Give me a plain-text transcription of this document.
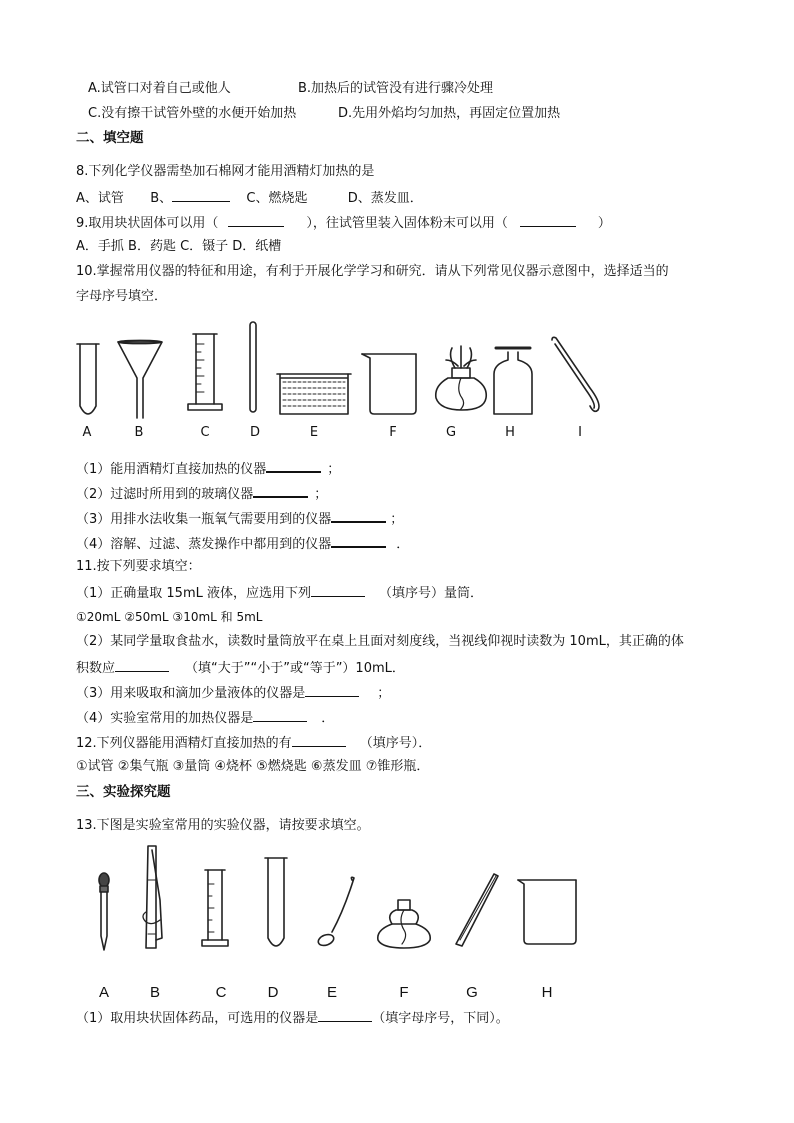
A.试管口对着自己或他人	B.加热后的试管没有进行骤冷处理
C.没有擦干试管外壁的水便开始加热	D.先用外焰均匀加热，再固定位置加热
二、填空题
8.下列化学仪器需垫加石棉网才能用酒精灯加热的是
A、试管 B、	C、燃烧匙	D、蒸发皿．
9.取用块状固体可以用（	），往试管里装入固体粉末可以用（	）
A．手抓 B．药匙 C．镊子 D．纸槽
10.掌握常用仪器的特征和用途，有利于开展化学学习和研究．请从下列常见仪器示意图中，选择适当的
字母序号填空．
A	B	C	D	E	F	G	H	I
（1）能用酒精灯直接加热的仪器	；
（2）过滤时所用到的玻璃仪器	；
（3）用排水法收集一瓶氧气需要用到的仪器	；
（4）溶解、过滤、蒸发操作中都用到的仪器	．
11.按下列要求填空：
（1）正确量取 15mL 液体，应选用下列	（填序号）量筒．
①20mL ②50mL ③10mL 和 5mL
（2）某同学量取食盐水，读数时量筒放平在桌上且面对刻度线，当视线仰视时读数为 10mL，其正确的体
积数应	（填“大于”“小于”或“等于”）10mL．
（3）用来吸取和滴加少量液体的仪器是	；
（4）实验室常用的加热仪器是	．
12.下列仪器能用酒精灯直接加热的有	（填序号）．
①试管 ②集气瓶 ③量筒 ④烧杯 ⑤燃烧匙 ⑥蒸发皿 ⑦锥形瓶．
三、实验探究题
13.下图是实验室常用的实验仪器，请按要求填空。
A	B	C	D	E	F	G	H
（1）取用块状固体药品，可选用的仪器是	（填字母序号，下同）。
